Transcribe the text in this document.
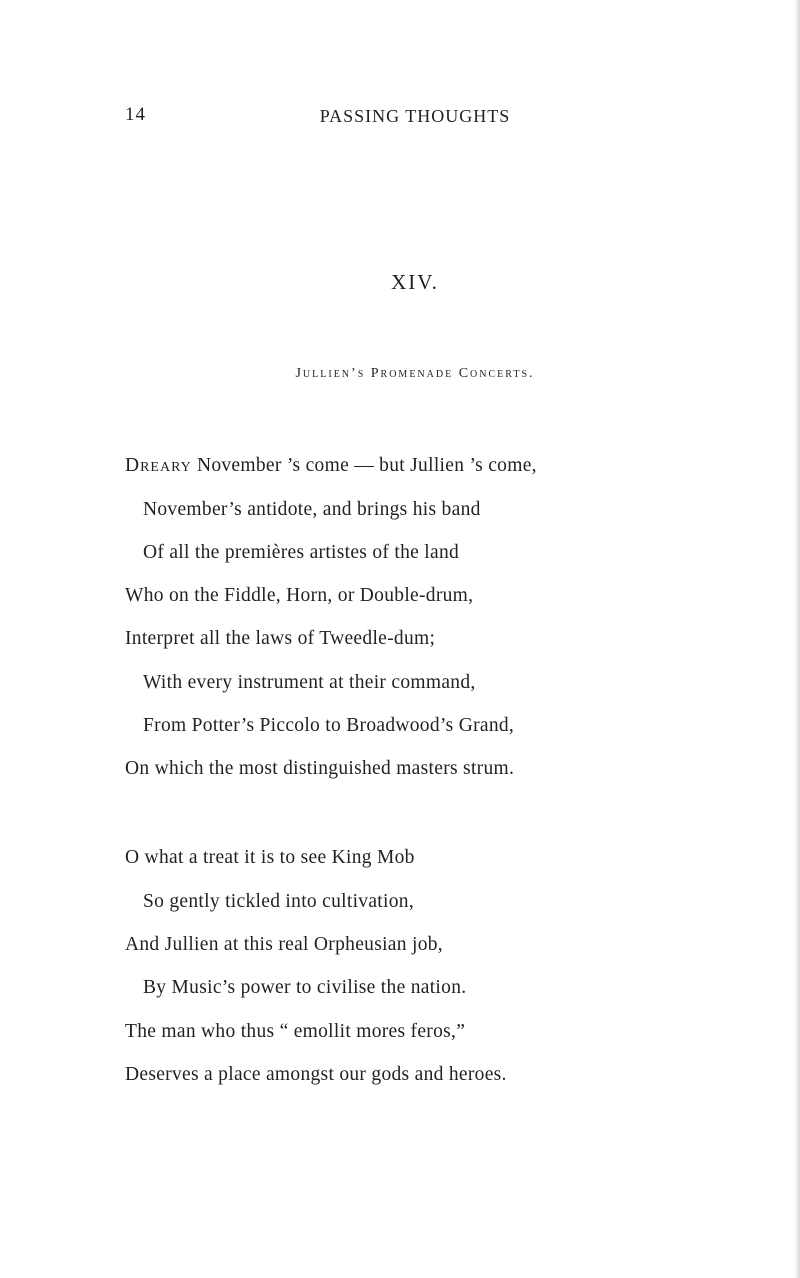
14	PASSING THOUGHTS
XIV.
Jullien’s Promenade Concerts.
Dreary November ’s come — but Jullien ’s come,
November’s antidote, and brings his band
Of all the premières artistes of the land
Who on the Fiddle, Horn, or Double-drum,
Interpret all the laws of Tweedle-dum;
With every instrument at their command,
From Potter’s Piccolo to Broadwood’s Grand,
On which the most distinguished masters strum.
O what a treat it is to see King Mob
So gently tickled into cultivation,
And Jullien at this real Orpheusian job,
By Music’s power to civilise the nation.
The man who thus “ emollit mores feros,”
Deserves a place amongst our gods and heroes.
